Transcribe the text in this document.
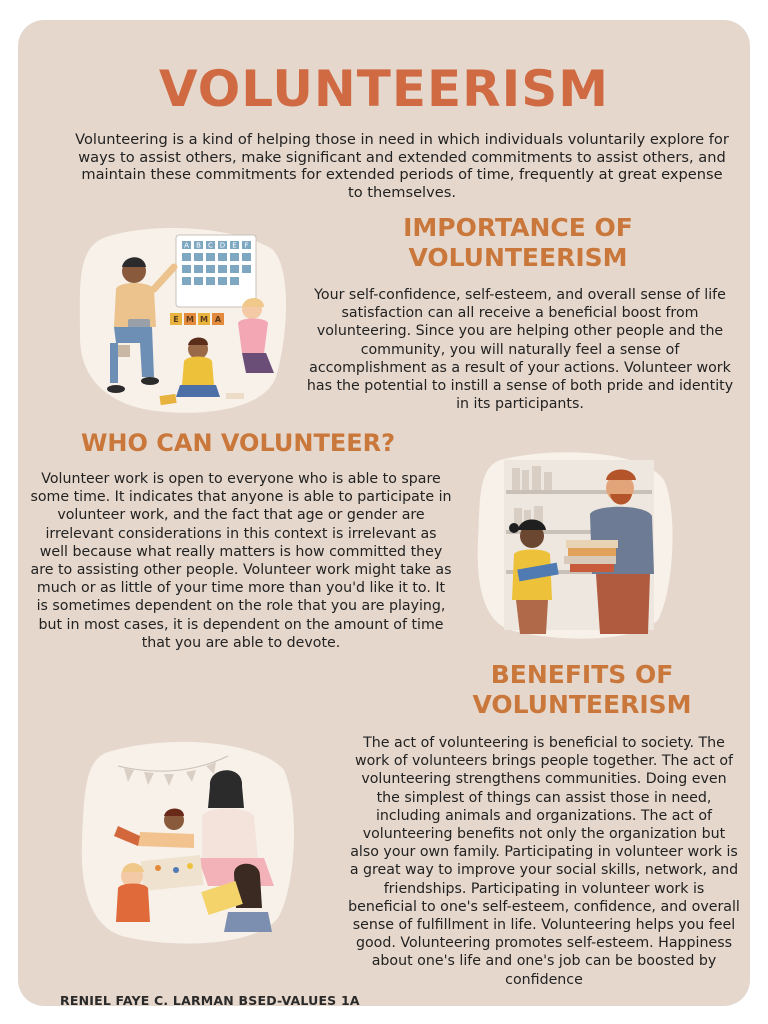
VOLUNTEERISM
Volunteering is a kind of helping those in need in which individuals voluntarily explore for ways to assist others, make significant and extended commitments to assist others, and maintain these commitments for extended periods of time, frequently at great expense to themselves.
A B C D E F
E M M A
IMPORTANCE OF
VOLUNTEERISM
Your self-confidence, self-esteem, and overall sense of life satisfaction can all receive a beneficial boost from volunteering. Since you are helping other people and the community, you will naturally feel a sense of accomplishment as a result of your actions. Volunteer work has the potential to instill a sense of both pride and identity in its participants.
WHO CAN VOLUNTEER?
Volunteer work is open to everyone who is able to spare some time. It indicates that anyone is able to participate in volunteer work, and the fact that age or gender are irrelevant considerations in this context is irrelevant as well because what really matters is how committed they are to assisting other people. Volunteer work might take as much or as little of your time more than you'd like it to. It is sometimes dependent on the role that you are playing, but in most cases, it is dependent on the amount of time that you are able to devote.
BENEFITS OF
VOLUNTEERISM
The act of volunteering is beneficial to society. The work of volunteers brings people together. The act of volunteering strengthens communities. Doing even the simplest of things can assist those in need, including animals and organizations. The act of volunteering benefits not only the organization but also your own family. Participating in volunteer work is a great way to improve your social skills, network, and friendships. Participating in volunteer work is beneficial to one's self-esteem, confidence, and overall sense of fulfillment in life. Volunteering helps you feel good. Volunteering promotes self-esteem. Happiness about one's life and one's job can be boosted by confidence
RENIEL FAYE C. LARMAN BSED-VALUES 1A
